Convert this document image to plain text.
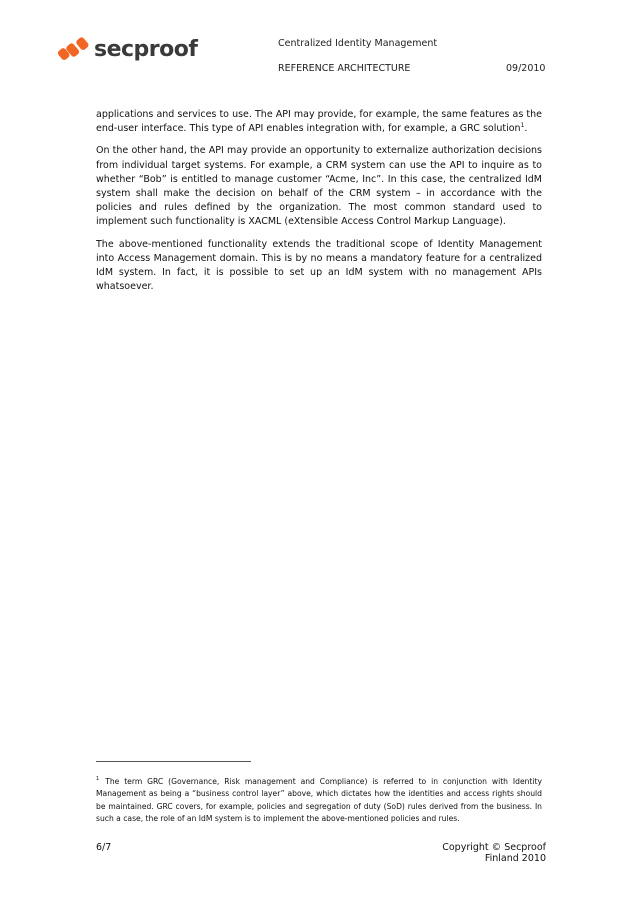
secproof	Centralized Identity Management
REFERENCE ARCHITECTURE	09/2010

applications and services to use. The API may provide, for example, the same features as the end-user interface. This type of API enables integration with, for example, a GRC solution$^1$.

On the other hand, the API may provide an opportunity to externalize authorization decisions from individual target systems. For example, a CRM system can use the API to inquire as to whether “Bob” is entitled to manage customer “Acme, Inc”. In this case, the centralized IdM system shall make the decision on behalf of the CRM system – in accordance with the policies and rules defined by the organization. The most common standard used to implement such functionality is XACML (eXtensible Access Control Markup Language).

The above-mentioned functionality extends the traditional scope of Identity Management into Access Management domain. This is by no means a mandatory feature for a centralized IdM system. In fact, it is possible to set up an IdM system with no management APIs whatsoever.

$^1$ The term GRC (Governance, Risk management and Compliance) is referred to in conjunction with Identity Management as being a “business control layer” above, which dictates how the identities and access rights should be maintained. GRC covers, for example, policies and segregation of duty (SoD) rules derived from the business. In such a case, the role of an IdM system is to implement the above-mentioned policies and rules.
6/7	Copyright © Secproof Finland 2010
